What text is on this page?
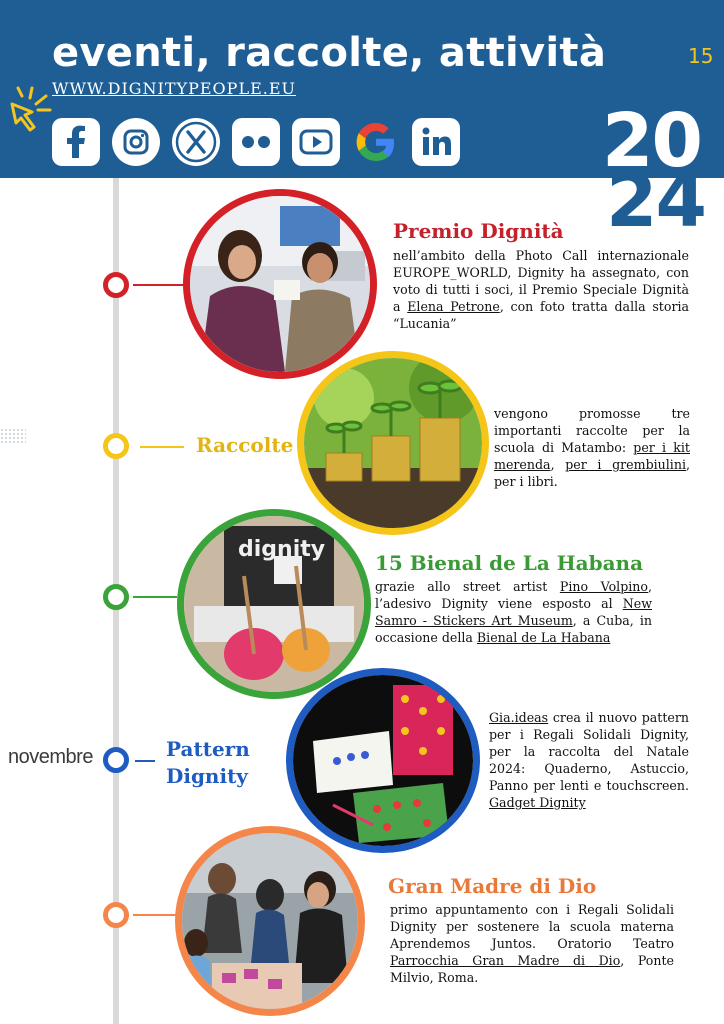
eventi, raccolte, attività	15
WWW.DIGNITYPEOPLE.EU
20
24
Raccolte
Pattern
Dignity
novembre
dignity
Premio Dignità
nell’ambito della Photo Call internazionale EUROPE_WORLD, Dignity ha assegnato, con voto di tutti i soci, il Premio Speciale Dignità a Elena Petrone, con foto tratta dalla storia “Lucania”
vengono promosse tre importanti raccolte per la scuola di Matambo: per i kit merenda, per i grembiulini, per i libri.
15 Bienal de La Habana
grazie allo street artist Pino Volpino, l’adesivo Dignity viene esposto al New Samro - Stickers Art Museum, a Cuba, in occasione della Bienal de La Habana
Gia.ideas crea il nuovo pattern per i Regali Solidali Dignity, per la raccolta del Natale 2024: Quaderno, Astuccio, Panno per lenti e touchscreen. Gadget Dignity
Gran Madre di Dio
primo appuntamento con i Regali Solidali Dignity per sostenere la scuola materna Aprendemos Juntos. Oratorio Teatro Parrocchia Gran Madre di Dio, Ponte Milvio, Roma.
